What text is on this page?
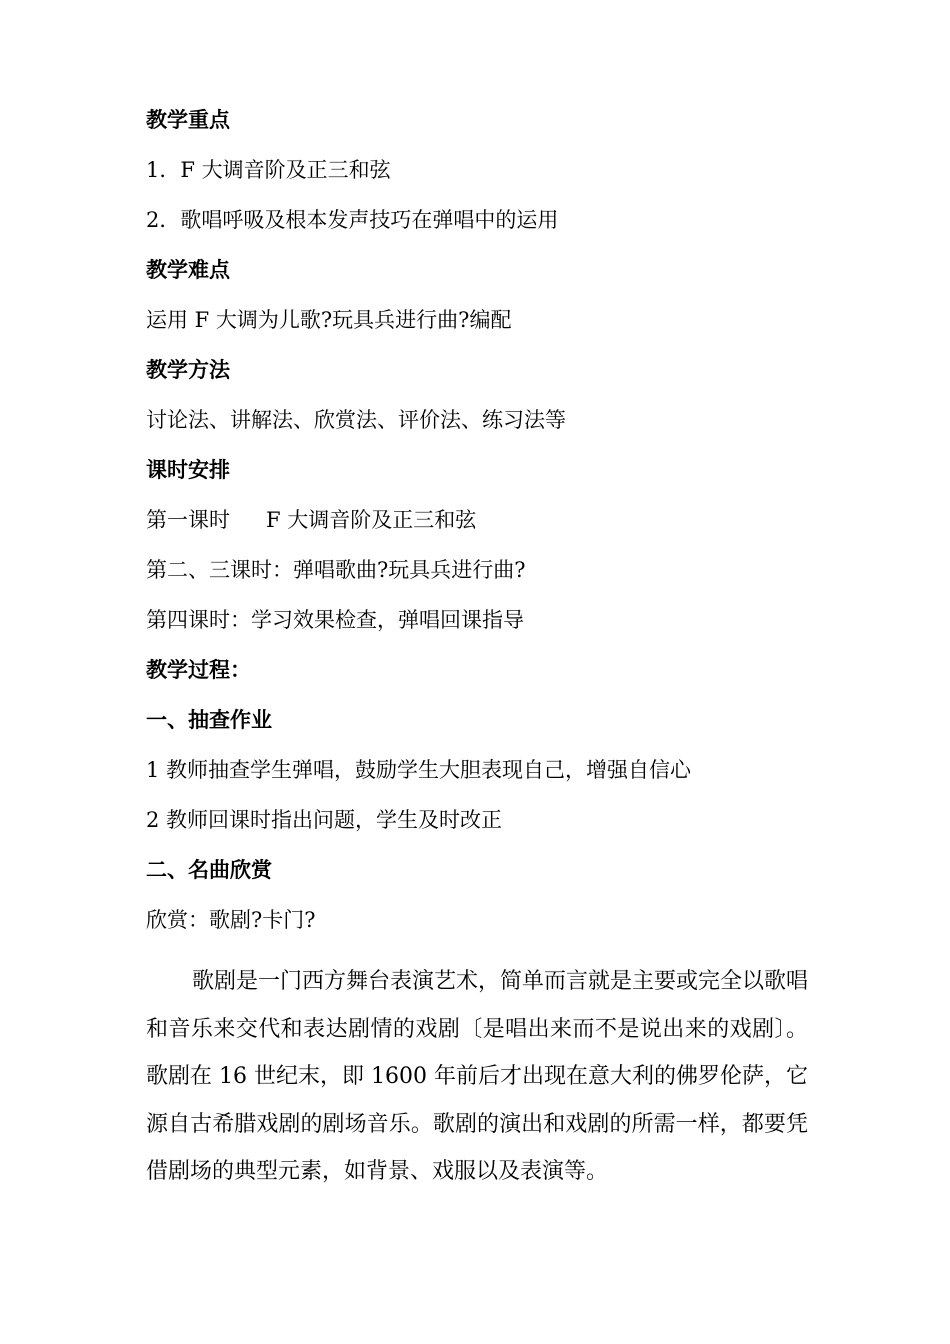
教学重点
1．F 大调音阶及正三和弦
2．歌唱呼吸及根本发声技巧在弹唱中的运用
教学难点
运用 F 大调为儿歌?玩具兵进行曲?编配
教学方法
讨论法、讲解法、欣赏法、评价法、练习法等
课时安排
第一课时 F 大调音阶及正三和弦
第二、三课时：弹唱歌曲?玩具兵进行曲?
第四课时：学习效果检查，弹唱回课指导
教学过程：
一、抽查作业
1 教师抽查学生弹唱，鼓励学生大胆表现自己，增强自信心
2 教师回课时指出问题，学生及时改正
二、名曲欣赏
欣赏：歌剧?卡门?
歌剧是一门西方舞台表演艺术，简单而言就是主要或完全以歌唱和音乐来交代和表达剧情的戏剧〔是唱出来而不是说出来的戏剧〕。歌剧在 16 世纪末，即 1600 年前后才出现在意大利的佛罗伦萨，它源自古希腊戏剧的剧场音乐。歌剧的演出和戏剧的所需一样，都要凭借剧场的典型元素，如背景、戏服以及表演等。
